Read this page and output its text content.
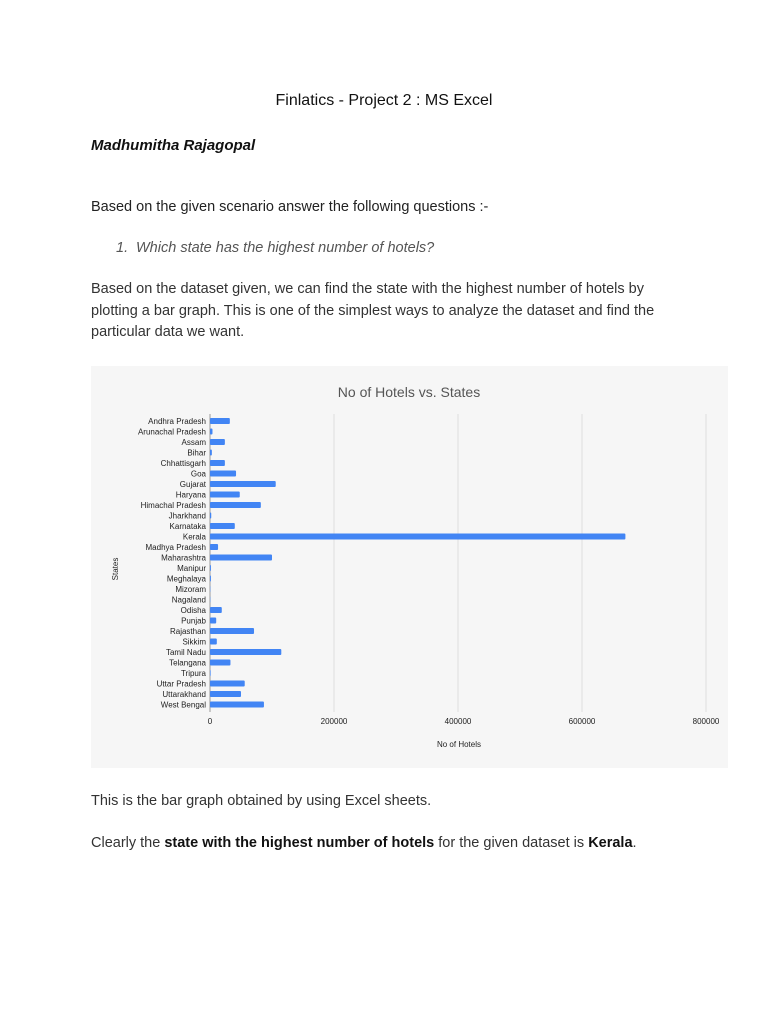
Finlatics - Project 2 : MS Excel
Madhumitha Rajagopal
Based on the given scenario answer the following questions :-
1. Which state has the highest number of hotels?
Based on the dataset given, we can find the state with the highest number of hotels by plotting a bar graph. This is one of the simplest ways to analyze the dataset and find the particular data we want.
No of Hotels vs. States
Andhra Pradesh
Arunachal Pradesh
Assam
Bihar
Chhattisgarh
Goa
Gujarat
Haryana
Himachal Pradesh
Jharkhand
Karnataka
Kerala
Madhya Pradesh
Maharashtra
Manipur
Meghalaya
Mizoram
Nagaland
Odisha
Punjab
Rajasthan
Sikkim
Tamil Nadu
Telangana
Tripura
Uttar Pradesh
Uttarakhand
West Bengal
0	200000	400000	600000	800000
No of Hotels
States
This is the bar graph obtained by using Excel sheets.
Clearly the state with the highest number of hotels for the given dataset is Kerala.
